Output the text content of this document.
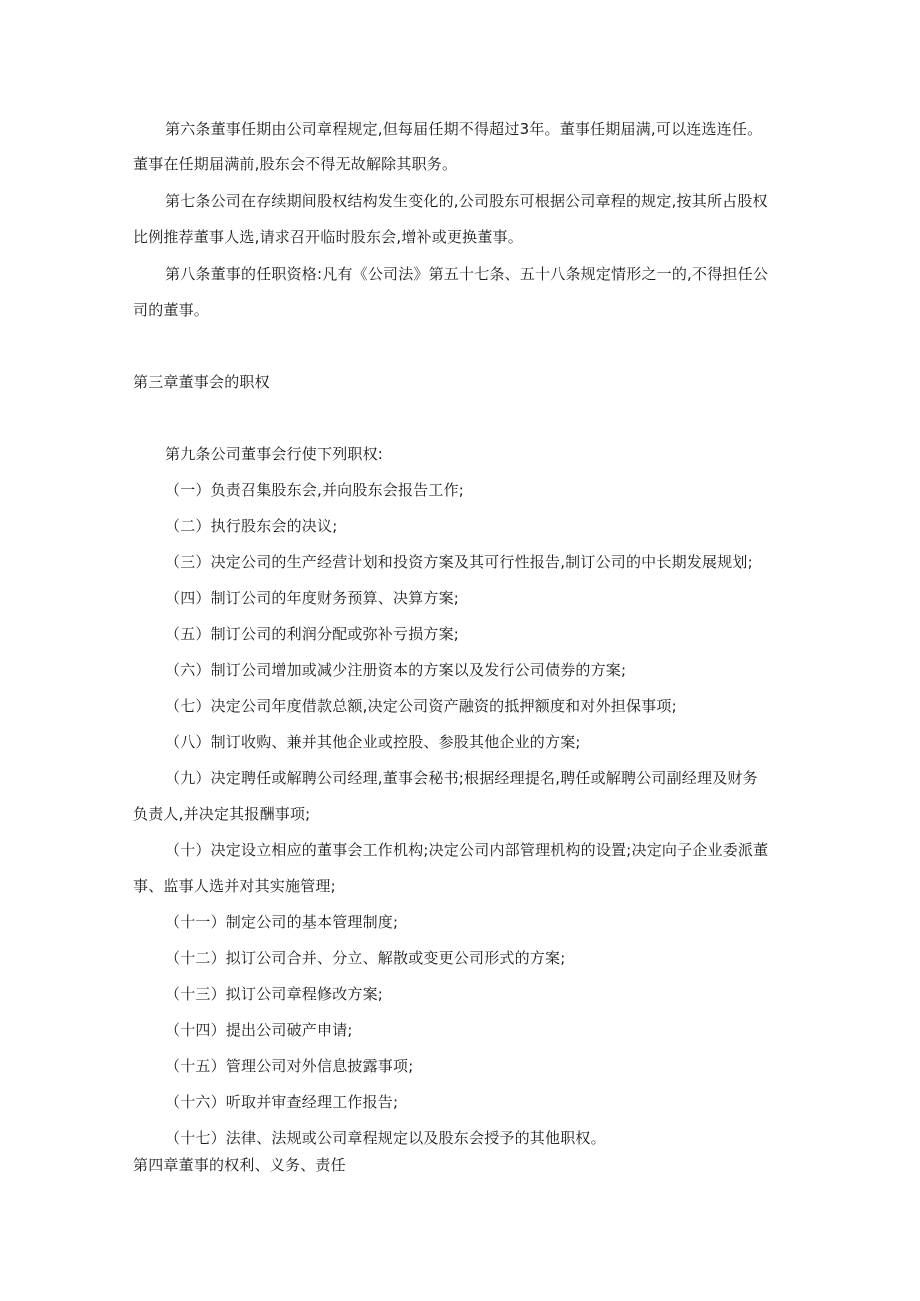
第六条董事任期由公司章程规定,但每届任期不得超过3年。董事任期届满,可以连选连任。
董事在任期届满前,股东会不得无故解除其职务。
第七条公司在存续期间股权结构发生变化的,公司股东可根据公司章程的规定,按其所占股权
比例推荐董事人选,请求召开临时股东会,增补或更换董事。
第八条董事的任职资格:凡有《公司法》第五十七条、五十八条规定情形之一的,不得担任公
司的董事。
第三章董事会的职权
第九条公司董事会行使下列职权:
（一）负责召集股东会,并向股东会报告工作;
（二）执行股东会的决议;
（三）决定公司的生产经营计划和投资方案及其可行性报告,制订公司的中长期发展规划;
（四）制订公司的年度财务预算、决算方案;
（五）制订公司的利润分配或弥补亏损方案;
（六）制订公司增加或减少注册资本的方案以及发行公司债券的方案;
（七）决定公司年度借款总额,决定公司资产融资的抵押额度和对外担保事项;
（八）制订收购、兼并其他企业或控股、参股其他企业的方案;
（九）决定聘任或解聘公司经理,董事会秘书;根据经理提名,聘任或解聘公司副经理及财务
负责人,并决定其报酬事项;
（十）决定设立相应的董事会工作机构;决定公司内部管理机构的设置;决定向子企业委派董
事、监事人选并对其实施管理;
（十一）制定公司的基本管理制度;
（十二）拟订公司合并、分立、解散或变更公司形式的方案;
（十三）拟订公司章程修改方案;
（十四）提出公司破产申请;
（十五）管理公司对外信息披露事项;
（十六）听取并审查经理工作报告;
（十七）法律、法规或公司章程规定以及股东会授予的其他职权。
第四章董事的权利、义务、责任
